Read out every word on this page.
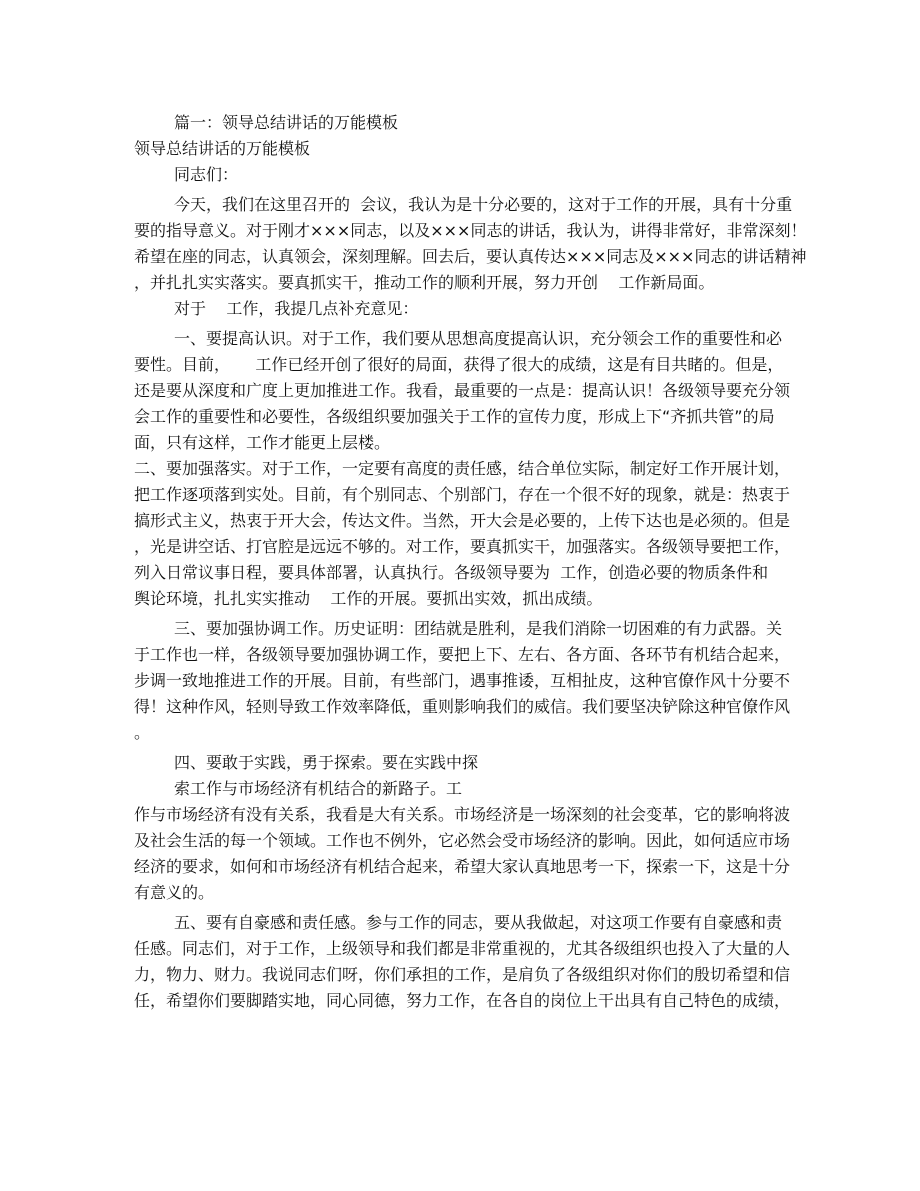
篇一：领导总结讲话的万能模板
领导总结讲话的万能模板
同志们：
今天，我们在这里召开的  会议，我认为是十分必要的，这对于工作的开展，具有十分重
要的指导意义。对于刚才×××同志，以及×××同志的讲话，我认为，讲得非常好，非常深刻！
希望在座的同志，认真领会，深刻理解。回去后，要认真传达×××同志及×××同志的讲话精神
，并扎扎实实落实。要真抓实干，推动工作的顺利开展，努力开创    工作新局面。
对于    工作，我提几点补充意见：
一、要提高认识。对于工作，我们要从思想高度提高认识，充分领会工作的重要性和必
要性。目前，     工作已经开创了很好的局面，获得了很大的成绩，这是有目共睹的。但是，
还是要从深度和广度上更加推进工作。我看，最重要的一点是：提高认识！各级领导要充分领
会工作的重要性和必要性，各级组织要加强关于工作的宣传力度，形成上下“齐抓共管”的局
面，只有这样，工作才能更上层楼。
二、要加强落实。对于工作，一定要有高度的责任感，结合单位实际，制定好工作开展计划，
把工作逐项落到实处。目前，有个别同志、个别部门，存在一个很不好的现象，就是：热衷于
搞形式主义，热衷于开大会，传达文件。当然，开大会是必要的，上传下达也是必须的。但是
，光是讲空话、打官腔是远远不够的。对工作，要真抓实干，加强落实。各级领导要把工作，
列入日常议事日程，要具体部署，认真执行。各级领导要为  工作，创造必要的物质条件和
舆论环境，扎扎实实推动    工作的开展。要抓出实效，抓出成绩。
三、要加强协调工作。历史证明：团结就是胜利，是我们消除一切困难的有力武器。关
于工作也一样，各级领导要加强协调工作，要把上下、左右、各方面、各环节有机结合起来，
步调一致地推进工作的开展。目前，有些部门，遇事推诿，互相扯皮，这种官僚作风十分要不
得！这种作风，轻则导致工作效率降低，重则影响我们的威信。我们要坚决铲除这种官僚作风
。
四、要敢于实践，勇于探索。要在实践中探
索工作与市场经济有机结合的新路子。工
作与市场经济有没有关系，我看是大有关系。市场经济是一场深刻的社会变革，它的影响将波
及社会生活的每一个领域。工作也不例外，它必然会受市场经济的影响。因此，如何适应市场
经济的要求，如何和市场经济有机结合起来，希望大家认真地思考一下，探索一下，这是十分
有意义的。
五、要有自豪感和责任感。参与工作的同志，要从我做起，对这项工作要有自豪感和责
任感。同志们，对于工作，上级领导和我们都是非常重视的，尤其各级组织也投入了大量的人
力，物力、财力。我说同志们呀，你们承担的工作，是肩负了各级组织对你们的殷切希望和信
任，希望你们要脚踏实地，同心同德，努力工作，在各自的岗位上干出具有自己特色的成绩，
